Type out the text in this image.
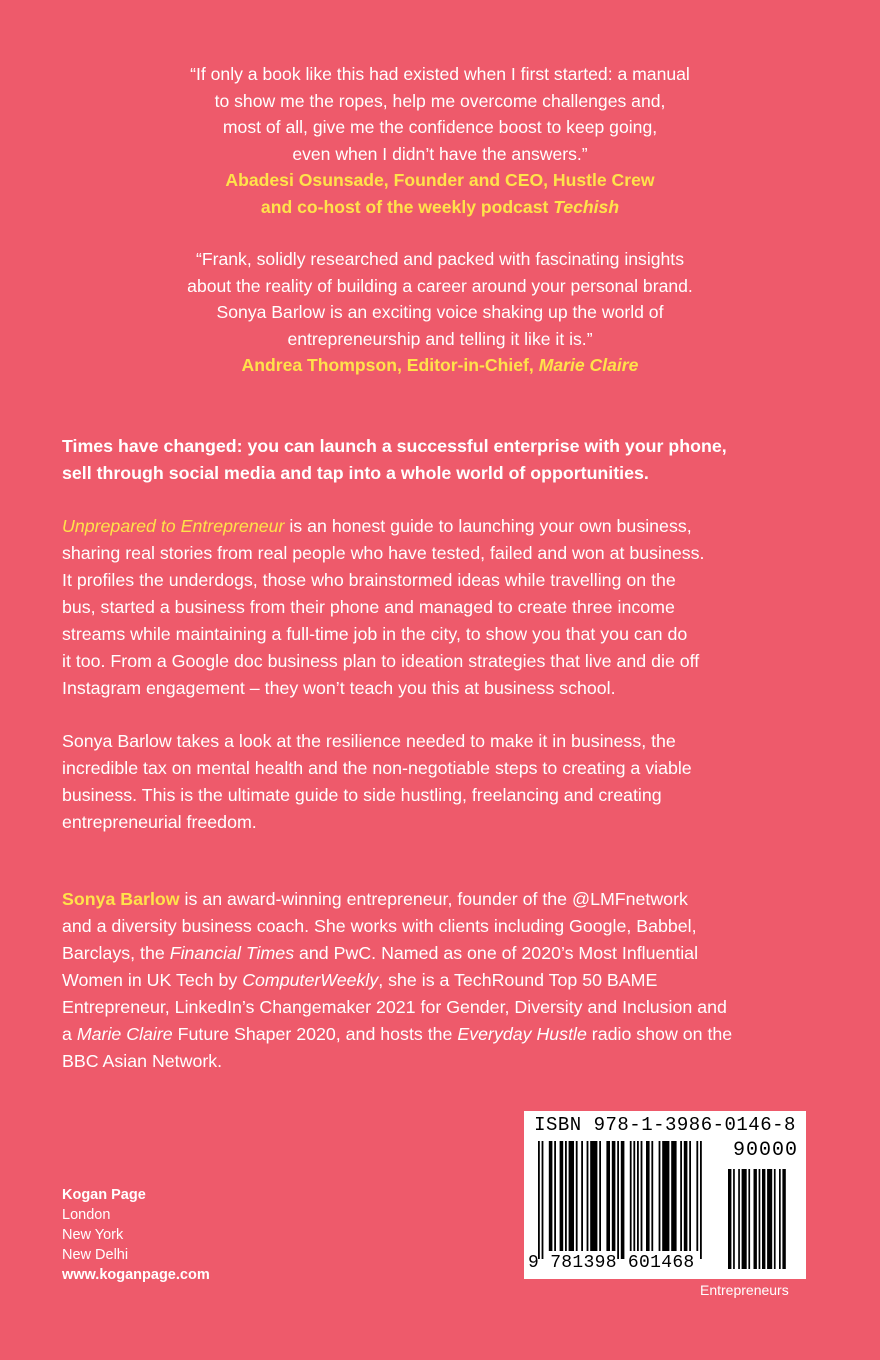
“If only a book like this had existed when I first started: a manual
to show me the ropes, help me overcome challenges and,
most of all, give me the confidence boost to keep going,
even when I didn’t have the answers.”
Abadesi Osunsade, Founder and CEO, Hustle Crew
and co-host of the weekly podcast Techish
“Frank, solidly researched and packed with fascinating insights
about the reality of building a career around your personal brand.
Sonya Barlow is an exciting voice shaking up the world of
entrepreneurship and telling it like it is.”
Andrea Thompson, Editor-in-Chief, Marie Claire
Times have changed: you can launch a successful enterprise with your phone,
sell through social media and tap into a whole world of opportunities.
Unprepared to Entrepreneur is an honest guide to launching your own business,
sharing real stories from real people who have tested, failed and won at business.
It profiles the underdogs, those who brainstormed ideas while travelling on the
bus, started a business from their phone and managed to create three income
streams while maintaining a full-time job in the city, to show you that you can do
it too. From a Google doc business plan to ideation strategies that live and die off
Instagram engagement – they won’t teach you this at business school.
Sonya Barlow takes a look at the resilience needed to make it in business, the
incredible tax on mental health and the non-negotiable steps to creating a viable
business. This is the ultimate guide to side hustling, freelancing and creating
entrepreneurial freedom.
Sonya Barlow is an award-winning entrepreneur, founder of the @LMFnetwork
and a diversity business coach. She works with clients including Google, Babbel,
Barclays, the Financial Times and PwC. Named as one of 2020’s Most Influential
Women in UK Tech by ComputerWeekly, she is a TechRound Top 50 BAME
Entrepreneur, LinkedIn’s Changemaker 2021 for Gender, Diversity and Inclusion and
a Marie Claire Future Shaper 2020, and hosts the Everyday Hustle radio show on the
BBC Asian Network.
Kogan Page
London
New York
New Delhi
www.koganpage.com
ISBN 978-1-3986-0146-8
90000
9 781398 601468
Entrepreneurs
